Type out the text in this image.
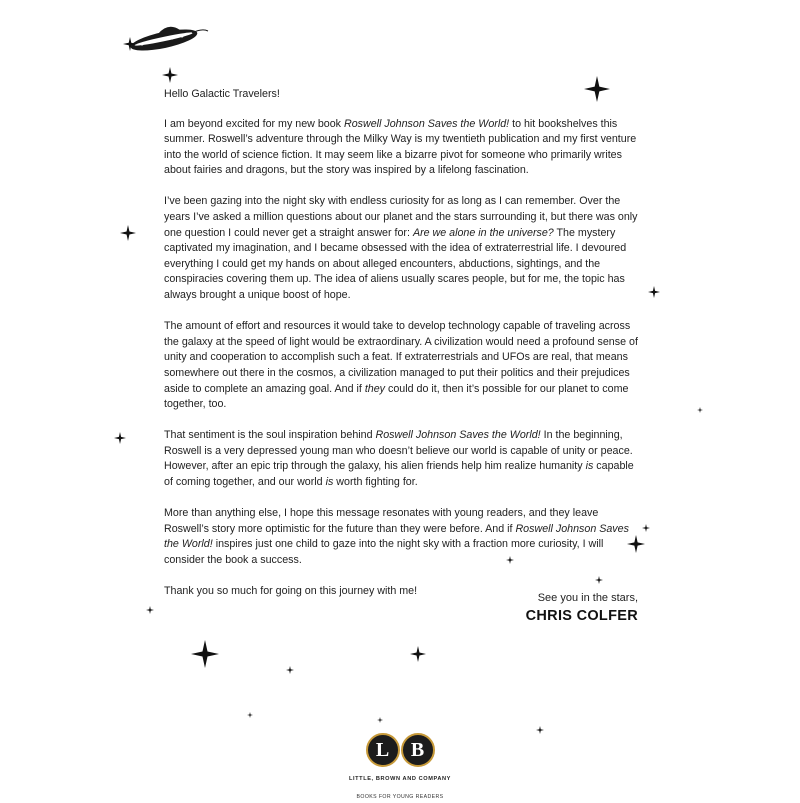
Hello Galactic Travelers!

I am beyond excited for my new book Roswell Johnson Saves the World! to hit bookshelves this summer. Roswell’s adventure through the Milky Way is my twentieth publication and my first venture into the world of science fiction. It may seem like a bizarre pivot for someone who primarily writes about fairies and dragons, but the story was inspired by a lifelong fascination.

I’ve been gazing into the night sky with endless curiosity for as long as I can remember. Over the years I’ve asked a million questions about our planet and the stars surrounding it, but there was only one question I could never get a straight answer for: Are we alone in the universe? The mystery captivated my imagination, and I became obsessed with the idea of extraterrestrial life. I devoured everything I could get my hands on about alleged encounters, abductions, sightings, and the conspiracies covering them up. The idea of aliens usually scares people, but for me, the topic has always brought a unique boost of hope.

The amount of effort and resources it would take to develop technology capable of traveling across the galaxy at the speed of light would be extraordinary. A civilization would need a profound sense of unity and cooperation to accomplish such a feat. If extraterrestrials and UFOs are real, that means somewhere out there in the cosmos, a civilization managed to put their politics and their prejudices aside to complete an amazing goal. And if they could do it, then it’s possible for our planet to come together, too.

That sentiment is the soul inspiration behind Roswell Johnson Saves the World! In the beginning, Roswell is a very depressed young man who doesn’t believe our world is capable of unity or peace. However, after an epic trip through the galaxy, his alien friends help him realize humanity is capable of coming together, and our world is worth fighting for.

More than anything else, I hope this message resonates with young readers, and they leave Roswell’s story more optimistic for the future than they were before. And if Roswell Johnson Saves the World! inspires just one child to gaze into the night sky with a fraction more curiosity, I will consider the book a success.

Thank you so much for going on this journey with me!

See you in the stars,
CHRIS COLFER
L	B
LITTLE, BROWN AND COMPANY
BOOKS FOR YOUNG READERS
